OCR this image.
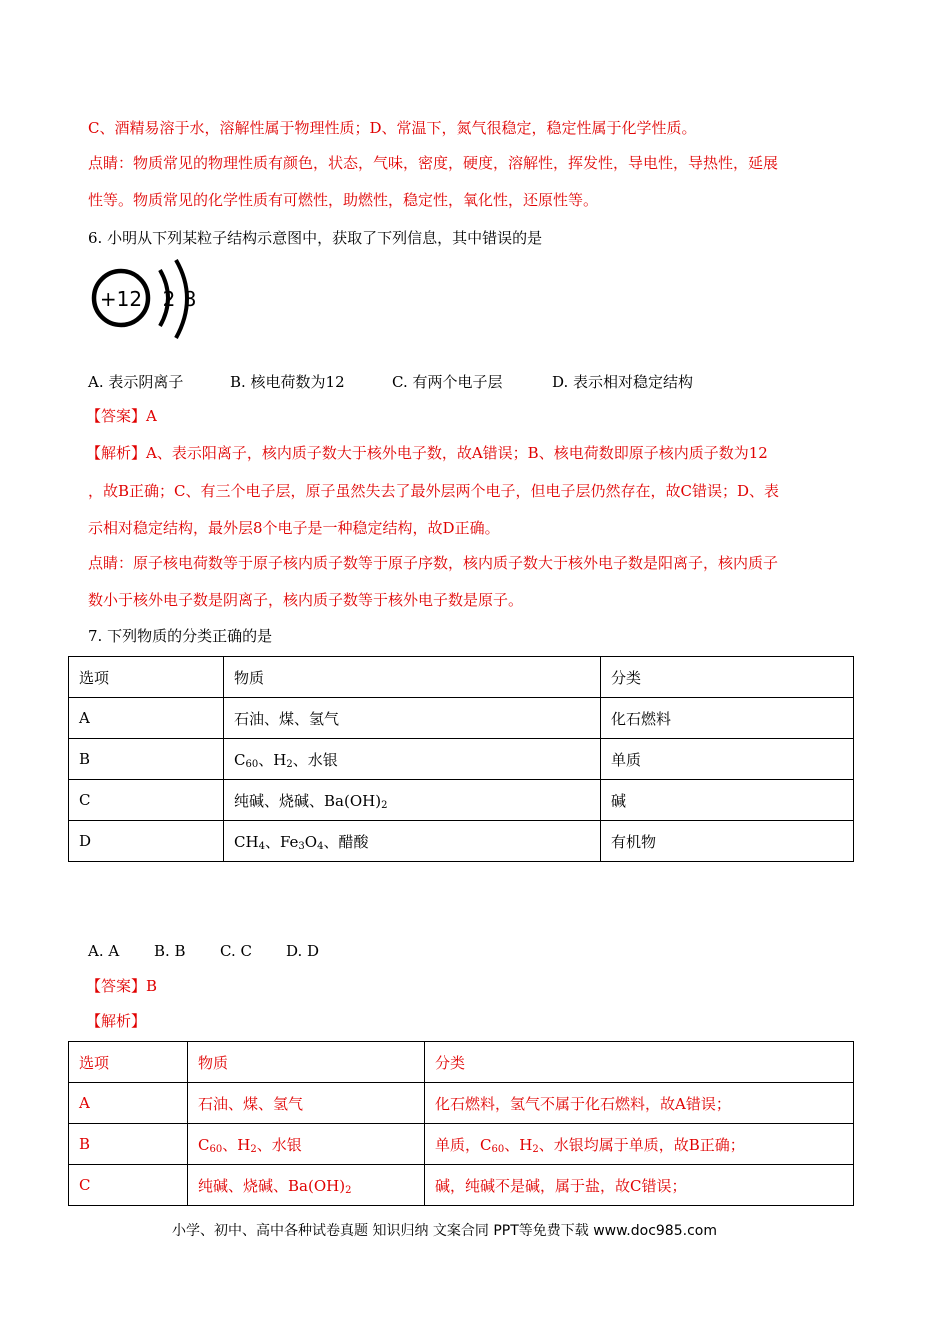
C、酒精易溶于水，溶解性属于物理性质；D、常温下，氮气很稳定，稳定性属于化学性质。
点睛：物质常见的物理性质有颜色，状态，气味，密度，硬度，溶解性，挥发性，导电性，导热性，延展
性等。物质常见的化学性质有可燃性，助燃性，稳定性，氧化性，还原性等。
6. 小明从下列某粒子结构示意图中，获取了下列信息，其中错误的是
+12 2 8
A. 表示阴离子	B. 核电荷数为12	C. 有两个电子层	D. 表示相对稳定结构
【答案】A
【解析】A、表示阳离子，核内质子数大于核外电子数，故A错误；B、核电荷数即原子核内质子数为12
，故B正确；C、有三个电子层，原子虽然失去了最外层两个电子，但电子层仍然存在，故C错误；D、表
示相对稳定结构，最外层8个电子是一种稳定结构，故D正确。
点睛：原子核电荷数等于原子核内质子数等于原子序数，核内质子数大于核外电子数是阳离子，核内质子
数小于核外电子数是阴离子，核内质子数等于核外电子数是原子。
7. 下列物质的分类正确的是
选项	物质	分类
A	石油、煤、氢气	化石燃料
B	$C_{60}$、$H_2$、水银	单质
C	纯碱、烧碱、$Ba(OH)_2$	碱
D	$CH_4$、$Fe_3O_4$、醋酸	有机物
A. A B. B C. C D. D
【答案】B
【解析】
选项	物质	分类
A	石油、煤、氢气	化石燃料，氢气不属于化石燃料，故A错误；
B	$C_{60}$、$H_2$、水银	单质，$C_{60}$、$H_2$、水银均属于单质，故B正确；
C	纯碱、烧碱、$Ba(OH)_2$	碱，纯碱不是碱，属于盐，故C错误；
小学、初中、高中各种试卷真题 知识归纳 文案合同 PPT等免费下载 www.doc985.com
